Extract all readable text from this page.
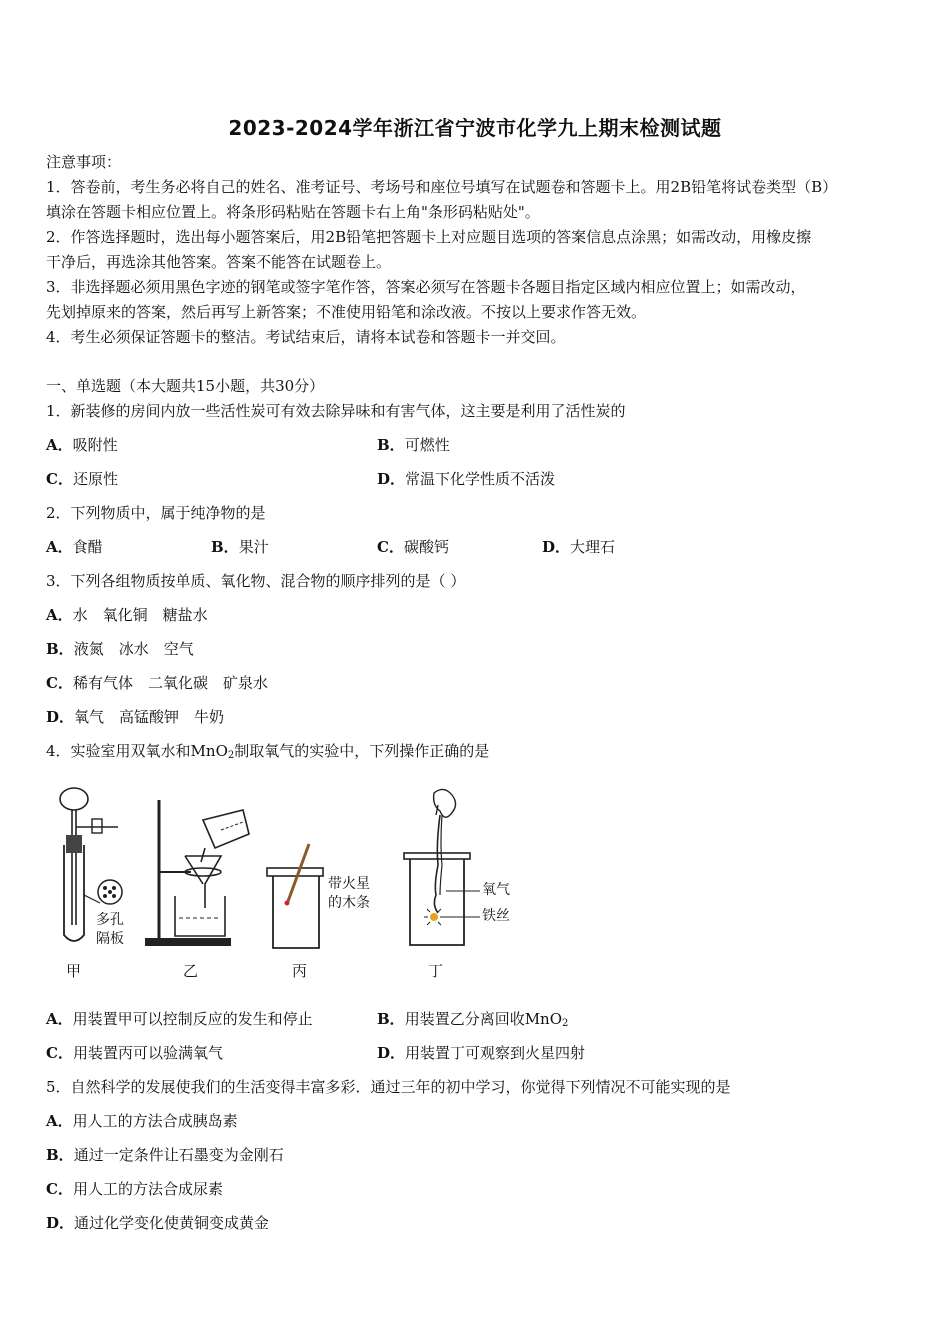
2023-2024学年浙江省宁波市化学九上期末检测试题
注意事项：
1．答卷前，考生务必将自己的姓名、准考证号、考场号和座位号填写在试题卷和答题卡上。用2B铅笔将试卷类型（B）
填涂在答题卡相应位置上。将条形码粘贴在答题卡右上角"条形码粘贴处"。
2．作答选择题时，选出每小题答案后，用2B铅笔把答题卡上对应题目选项的答案信息点涂黑；如需改动，用橡皮擦
干净后，再选涂其他答案。答案不能答在试题卷上。
3．非选择题必须用黑色字迹的钢笔或签字笔作答，答案必须写在答题卡各题目指定区域内相应位置上；如需改动，
先划掉原来的答案，然后再写上新答案；不准使用铅笔和涂改液。不按以上要求作答无效。
4．考生必须保证答题卡的整洁。考试结束后，请将本试卷和答题卡一并交回。
一、单选题（本大题共15小题，共30分）
1．新装修的房间内放一些活性炭可有效去除异味和有害气体，这主要是利用了活性炭的
A．吸附性	B．可燃性
C．还原性	D．常温下化学性质不活泼
2．下列物质中，属于纯净物的是
A．食醋	B．果汁	C．碳酸钙	D．大理石
3．下列各组物质按单质、氧化物、混合物的顺序排列的是（ ）
A．水　氧化铜　糖盐水
B．液氮　冰水　空气
C．稀有气体　二氧化碳　矿泉水
D．氧气　高锰酸钾　牛奶
4．实验室用双氧水和MnO$_2$制取氧气的实验中，下列操作正确的是
多孔
隔板
甲	乙
带火星
的木条
丙
氧气
铁丝
丁
A．用装置甲可以控制反应的发生和停止	B．用装置乙分离回收MnO$_2$
C．用装置丙可以验满氧气	D．用装置丁可观察到火星四射
5．自然科学的发展使我们的生活变得丰富多彩．通过三年的初中学习，你觉得下列情况不可能实现的是
A．用人工的方法合成胰岛素
B．通过一定条件让石墨变为金刚石
C．用人工的方法合成尿素
D．通过化学变化使黄铜变成黄金
